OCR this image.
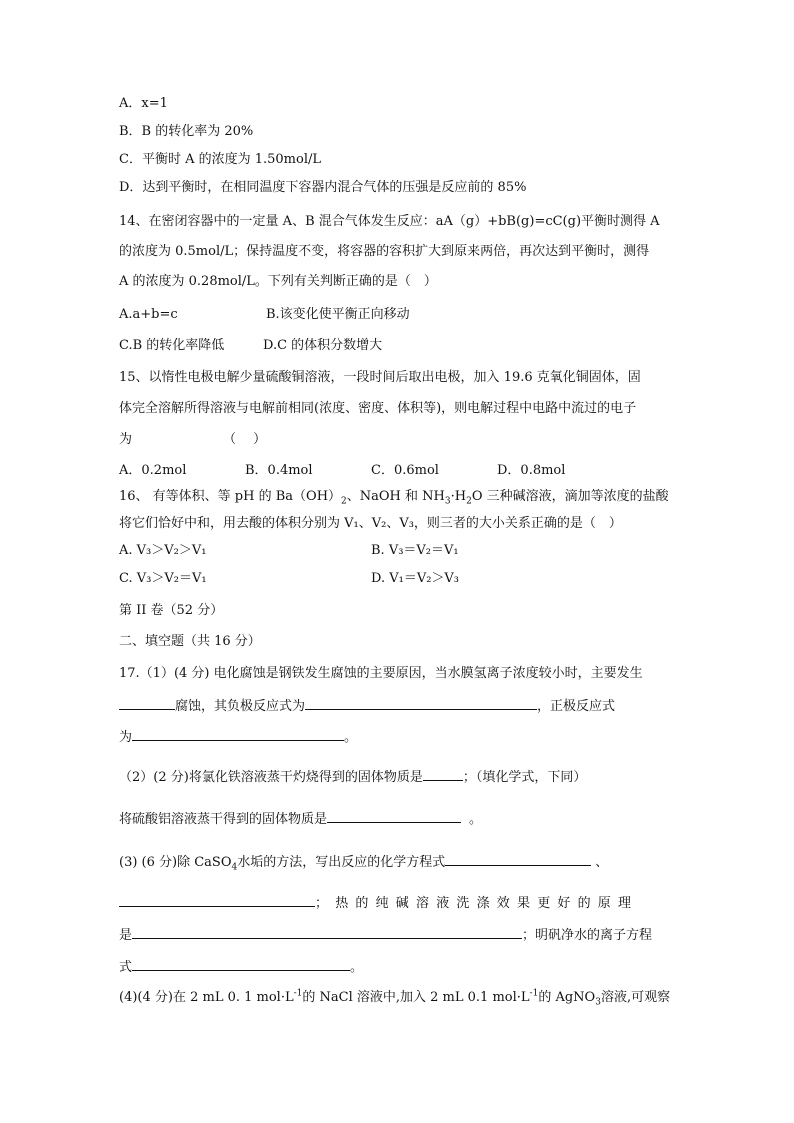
A．x=1
B．B 的转化率为 20%
C．平衡时 A 的浓度为 1.50mol/L
D．达到平衡时，在相同温度下容器内混合气体的压强是反应前的 85%
14、在密闭容器中的一定量 A、B 混合气体发生反应：aA（g）+bB(g)=cC(g)平衡时测得 A
的浓度为 0.5mol/L；保持温度不变，将容器的容积扩大到原来两倍，再次达到平衡时，测得
A 的浓度为 0.28mol/L。下列有关判断正确的是（　）
A.a+b=c	B.该变化使平衡正向移动
C.B 的转化率降低	D.C 的体积分数增大
15、以惰性电极电解少量硫酸铜溶液，一段时间后取出电极，加入 19.6 克氧化铜固体，固
体完全溶解所得溶液与电解前相同(浓度、密度、体积等)，则电解过程中电路中流过的电子
为	（　 ）
A．0.2mol	B．0.4mol	C．0.6mol	D．0.8mol
16、 有等体积、等 pH 的 $Ba(OH)_2$、NaOH 和 $NH_3\cdot H_2O$ 三种碱溶液，滴加等浓度的盐酸
将它们恰好中和，用去酸的体积分别为 V₁、V₂、V₃，则三者的大小关系正确的是（　）
A. V₃＞V₂＞V₁	B. V₃＝V₂＝V₁
C. V₃＞V₂＝V₁	D. V₁＝V₂＞V₃
第 II 卷（52 分）
二、填空题（共 16 分）
17.（1）(4 分) 电化腐蚀是钢铁发生腐蚀的主要原因，当水膜氢离子浓度较小时，主要发生
腐蚀，其负极反应式为	，正极反应式
为	。
（2）(2 分)将氯化铁溶液蒸干灼烧得到的固体物质是	；（填化学式，下同）
将硫酸铝溶液蒸干得到的固体物质是	。
(3) (6 分)除 CaSO$_4$水垢的方法，写出反应的化学方程式	、
；热的纯碱溶液洗涤效果更好的原理
是	；明矾净水的离子方程
式	。
(4)(4 分)在 2 mL 0. 1 $mol\cdot L^{-1}$的 NaCl 溶液中,加入 2 mL 0.1 $mol\cdot L^{-1}$的 AgNO$_3$溶液,可观察
